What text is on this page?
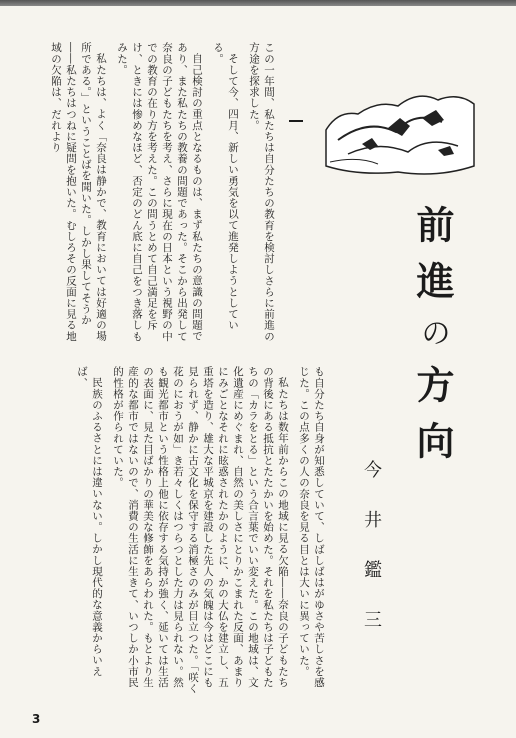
この一年間、私たちは自分たちの教育を検討しさらに前進の方途を探求した。

そして今、四月、新しい勇気を以て進発しようとしている。

自己検討の重点となるものは、まず私たちの意識の問題であり、また私たちの教養の問題であった。そこから出発して奈良の子どもたちを考え、さらに現在の日本という視野の中での教育の在り方を考えた。この問うとめて自己満足を斥け、ときには惨めなほど、否定のどん底に自己をつき落しもみた。

私たちは、よく「奈良は静かで、教育においては好適の場所である。」ということばを聞いた。しかし果してそうか――私たちはつねに疑問を抱いた。むしろその反面に見る地域の欠陥は、だれより

前進の方向
今井鑑三

も自分たち自身が知悉していて、しばしばはがゆさや苦しさを感じた。この点多くの人の奈良を見る目とは大いに異っていた。

私たちは数年前からこの地域に見る欠陥――奈良の子どもたちの背後にある抵抗とたたかいを始めた。それを私たちは子どもたちの「カラをとる」という合言葉でいい変えた。この地域は、文化遺産にめぐまれ、自然の美しさにとりかこまれた反面、あまりにみごとなそれに眩惑されたかのように、かの大仏を建立し、五重塔を造り、雄大な平城京を建設した先人の気魄は今はどこにも見られず、静かに古文化を保守する消極さのみが目立つた。「咲く花のにおうが如」き若々しくはつらつとした力は見られない。然も観光都市という性格上他に依存する気持が強く、延いては生活の表面に、見た目ばかりの華美な修飾をあらわれた。もとより生産的な都市ではないので、消費の生活に生きて、いつしか小市民的性格が作られていた。

民族のふるさとには違いない。しかし現代的な意義からいえば、

3
